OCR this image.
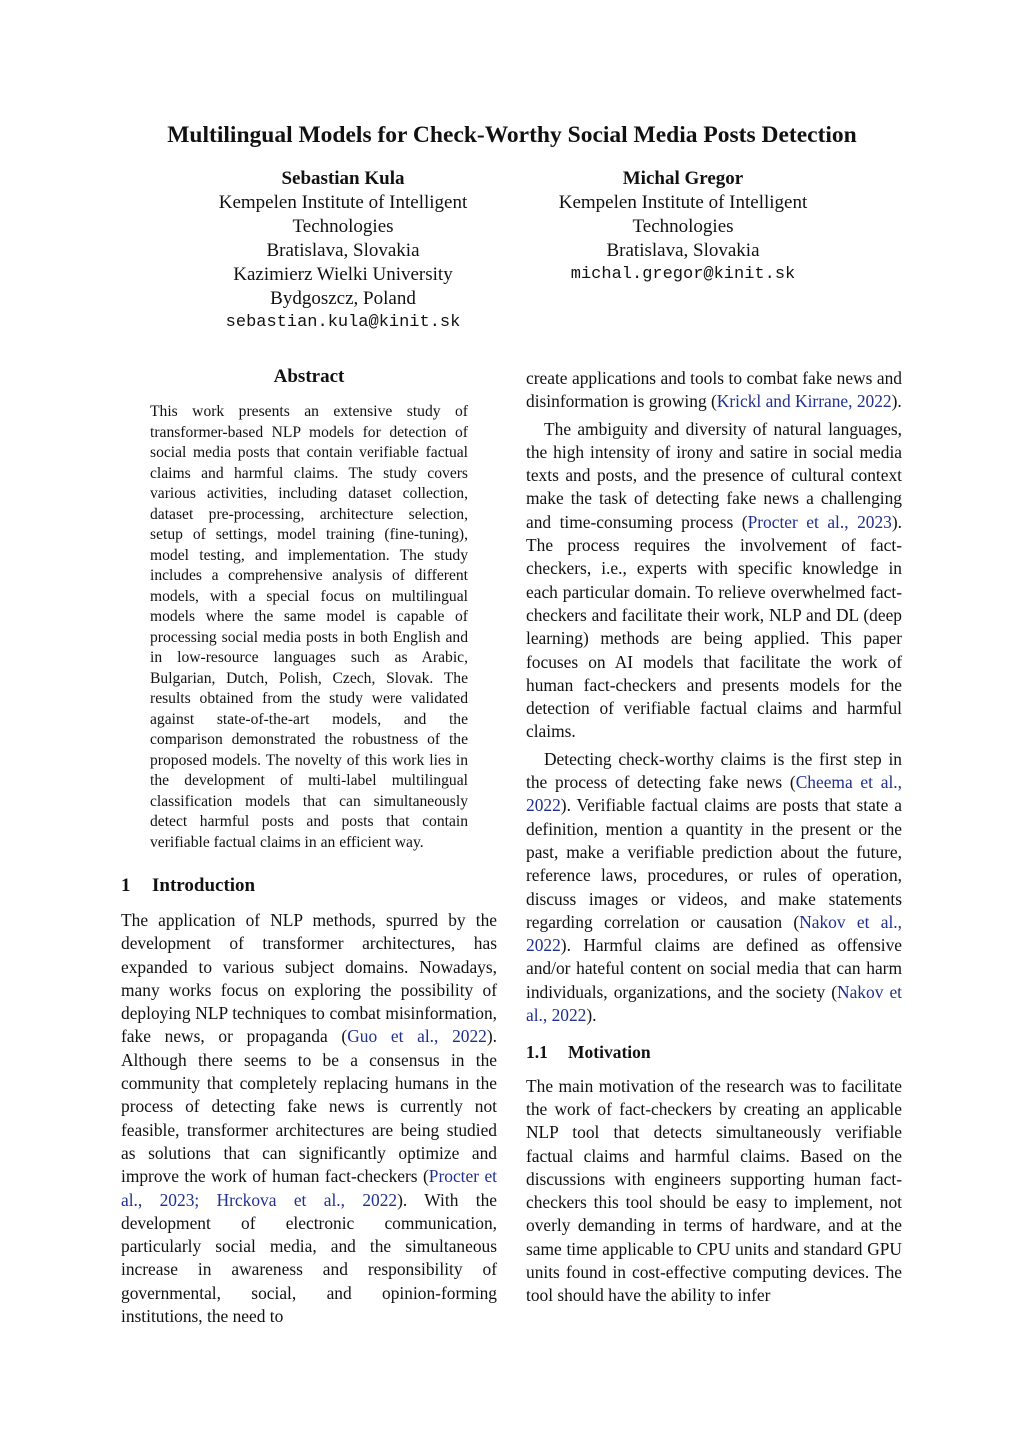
Multilingual Models for Check-Worthy Social Media Posts Detection
Sebastian Kula
Kempelen Institute of Intelligent
Technologies
Bratislava, Slovakia
Kazimierz Wielki University
Bydgoszcz, Poland
sebastian.kula@kinit.sk
Michal Gregor
Kempelen Institute of Intelligent
Technologies
Bratislava, Slovakia
michal.gregor@kinit.sk
Abstract

This work presents an extensive study of transformer-based NLP models for detection of social media posts that contain verifiable factual claims and harmful claims. The study covers various activities, including dataset collection, dataset pre-processing, architecture selection, setup of settings, model training (fine-tuning), model testing, and implementation. The study includes a comprehensive analysis of different models, with a special focus on multilingual models where the same model is capable of processing social media posts in both English and in low-resource languages such as Arabic, Bulgarian, Dutch, Polish, Czech, Slovak. The results obtained from the study were validated against state-of-the-art models, and the comparison demonstrated the robustness of the proposed models. The novelty of this work lies in the development of multi-label multilingual classification models that can simultaneously detect harmful posts and posts that contain verifiable factual claims in an efficient way.

1 Introduction

The application of NLP methods, spurred by the development of transformer architectures, has expanded to various subject domains. Nowadays, many works focus on exploring the possibility of deploying NLP techniques to combat misinformation, fake news, or propaganda (Guo et al., 2022). Although there seems to be a consensus in the community that completely replacing humans in the process of detecting fake news is currently not feasible, transformer architectures are being studied as solutions that can significantly optimize and improve the work of human fact-checkers (Procter et al., 2023; Hrckova et al., 2022). With the development of electronic communication, particularly social media, and the simultaneous increase in awareness and responsibility of governmental, social, and opinion-forming institutions, the need to

create applications and tools to combat fake news and disinformation is growing (Krickl and Kirrane, 2022).

The ambiguity and diversity of natural languages, the high intensity of irony and satire in social media texts and posts, and the presence of cultural context make the task of detecting fake news a challenging and time-consuming process (Procter et al., 2023). The process requires the involvement of fact-checkers, i.e., experts with specific knowledge in each particular domain. To relieve overwhelmed fact-checkers and facilitate their work, NLP and DL (deep learning) methods are being applied. This paper focuses on AI models that facilitate the work of human fact-checkers and presents models for the detection of verifiable factual claims and harmful claims.

Detecting check-worthy claims is the first step in the process of detecting fake news (Cheema et al., 2022). Verifiable factual claims are posts that state a definition, mention a quantity in the present or the past, make a verifiable prediction about the future, reference laws, procedures, or rules of operation, discuss images or videos, and make statements regarding correlation or causation (Nakov et al., 2022). Harmful claims are defined as offensive and/or hateful content on social media that can harm individuals, organizations, and the society (Nakov et al., 2022).

1.1 Motivation

The main motivation of the research was to facilitate the work of fact-checkers by creating an applicable NLP tool that detects simultaneously verifiable factual claims and harmful claims. Based on the discussions with engineers supporting human fact-checkers this tool should be easy to implement, not overly demanding in terms of hardware, and at the same time applicable to CPU units and standard GPU units found in cost-effective computing devices. The tool should have the ability to infer
